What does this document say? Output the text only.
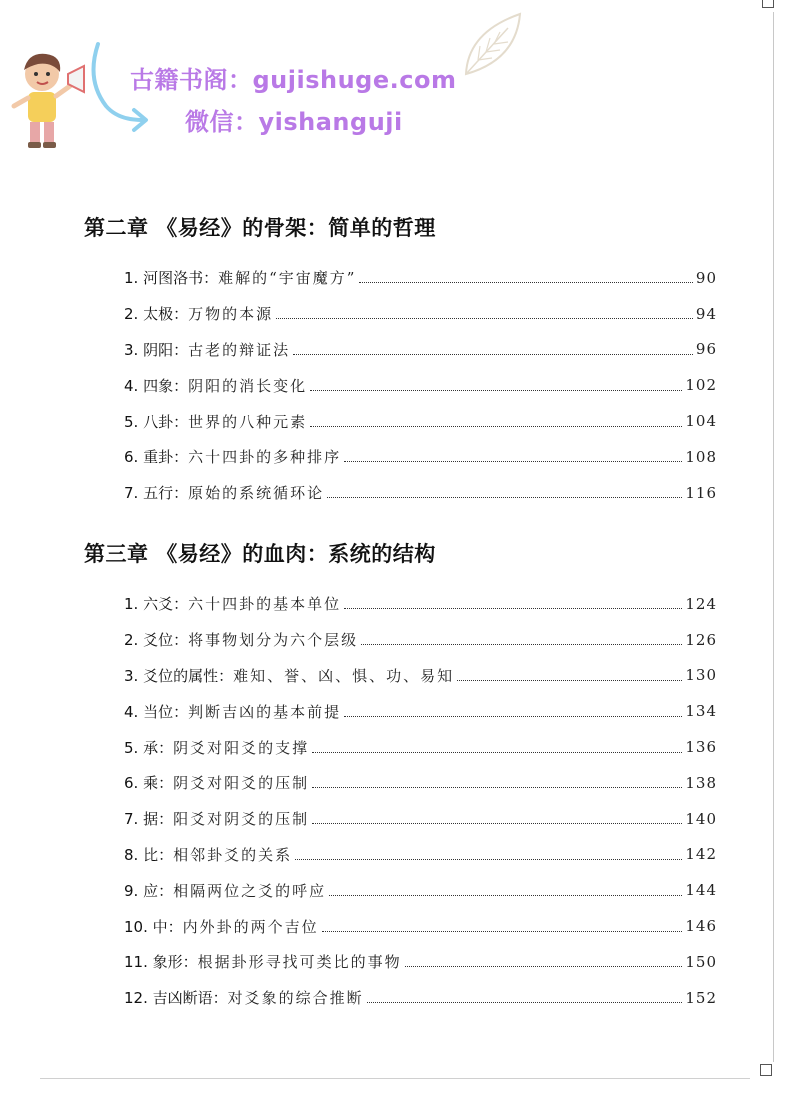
古籍书阁：gujishuge.com
微信：yishanguji
第二章 《易经》的骨架：简单的哲理
1. 河图洛书：难解的“宇宙魔方”	90
2. 太极：万物的本源	94
3. 阴阳：古老的辩证法	96
4. 四象：阴阳的消长变化	102
5. 八卦：世界的八种元素	104
6. 重卦：六十四卦的多种排序	108
7. 五行：原始的系统循环论	116
第三章 《易经》的血肉：系统的结构
1. 六爻：六十四卦的基本单位	124
2. 爻位：将事物划分为六个层级	126
3. 爻位的属性：难知、誉、凶、惧、功、易知	130
4. 当位：判断吉凶的基本前提	134
5. 承：阴爻对阳爻的支撑	136
6. 乘：阴爻对阳爻的压制	138
7. 据：阳爻对阴爻的压制	140
8. 比：相邻卦爻的关系	142
9. 应：相隔两位之爻的呼应	144
10. 中：内外卦的两个吉位	146
11. 象形：根据卦形寻找可类比的事物	150
12. 吉凶断语：对爻象的综合推断	152
